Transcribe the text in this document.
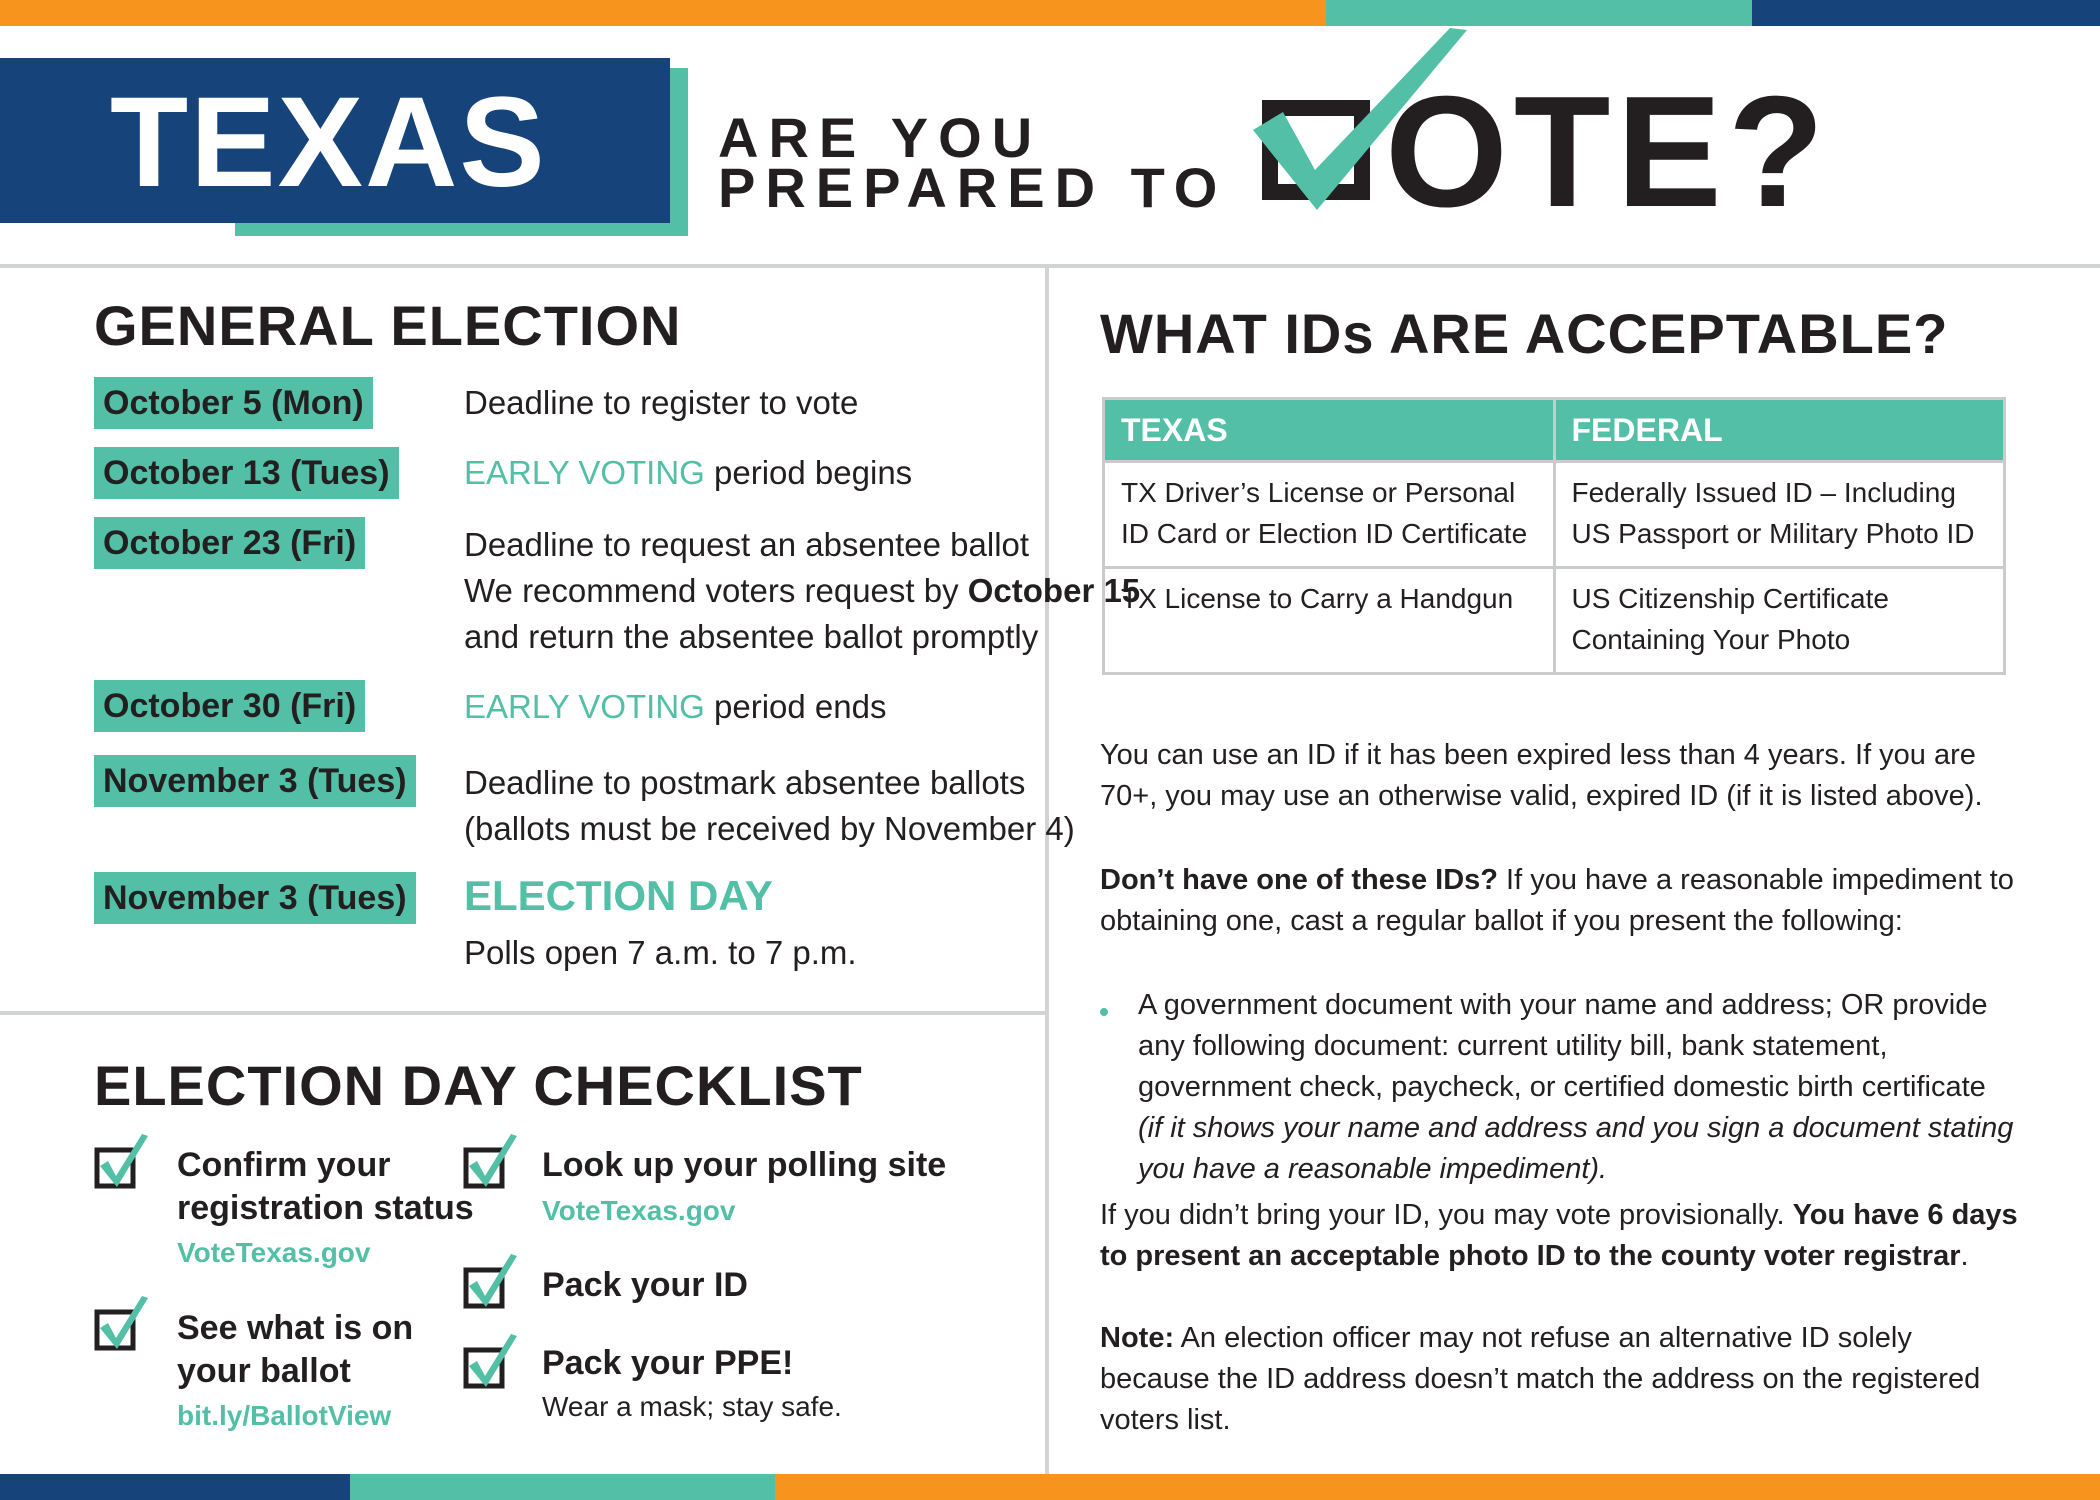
TEXAS	ARE YOU
PREPARED TO OTE?
GENERAL ELECTION
October 5 (Mon)	Deadline to register to vote
October 13 (Tues) EARLY VOTING period begins
October 23 (Fri)	Deadline to request an absentee ballot
We recommend voters request by October 15
and return the absentee ballot promptly
October 30 (Fri)	EARLY VOTING period ends
November 3 (Tues) Deadline to postmark absentee ballots
(ballots must be received by November 4)
November 3 (Tues) ELECTION DAY
Polls open 7 a.m. to 7 p.m.
ELECTION DAY CHECKLIST
Confirm your
registration status
VoteTexas.gov
See what is on
your ballot
bit.ly/BallotView
Look up your polling site
VoteTexas.gov
Pack your ID
Pack your PPE!
Wear a mask; stay safe.
WHAT IDs ARE ACCEPTABLE?
TEXAS	FEDERAL
TX Driver’s License or Personal ID Card or Election ID Certificate	Federally Issued ID – Including US Passport or Military Photo ID
TX License to Carry a Handgun	US Citizenship Certificate Containing Your Photo
You can use an ID if it has been expired less than 4 years. If you are 70+, you may use an otherwise valid, expired ID (if it is listed above).
Don’t have one of these IDs? If you have a reasonable impediment to obtaining one, cast a regular ballot if you present the following:
A government document with your name and address; OR provide any following document: current utility bill, bank statement, government check, paycheck, or certified domestic birth certificate (if it shows your name and address and you sign a document stating you have a reasonable impediment).
If you didn’t bring your ID, you may vote provisionally. You have 6 days to present an acceptable photo ID to the county voter registrar.
Note: An election officer may not refuse an alternative ID solely because the ID address doesn’t match the address on the registered voters list.
